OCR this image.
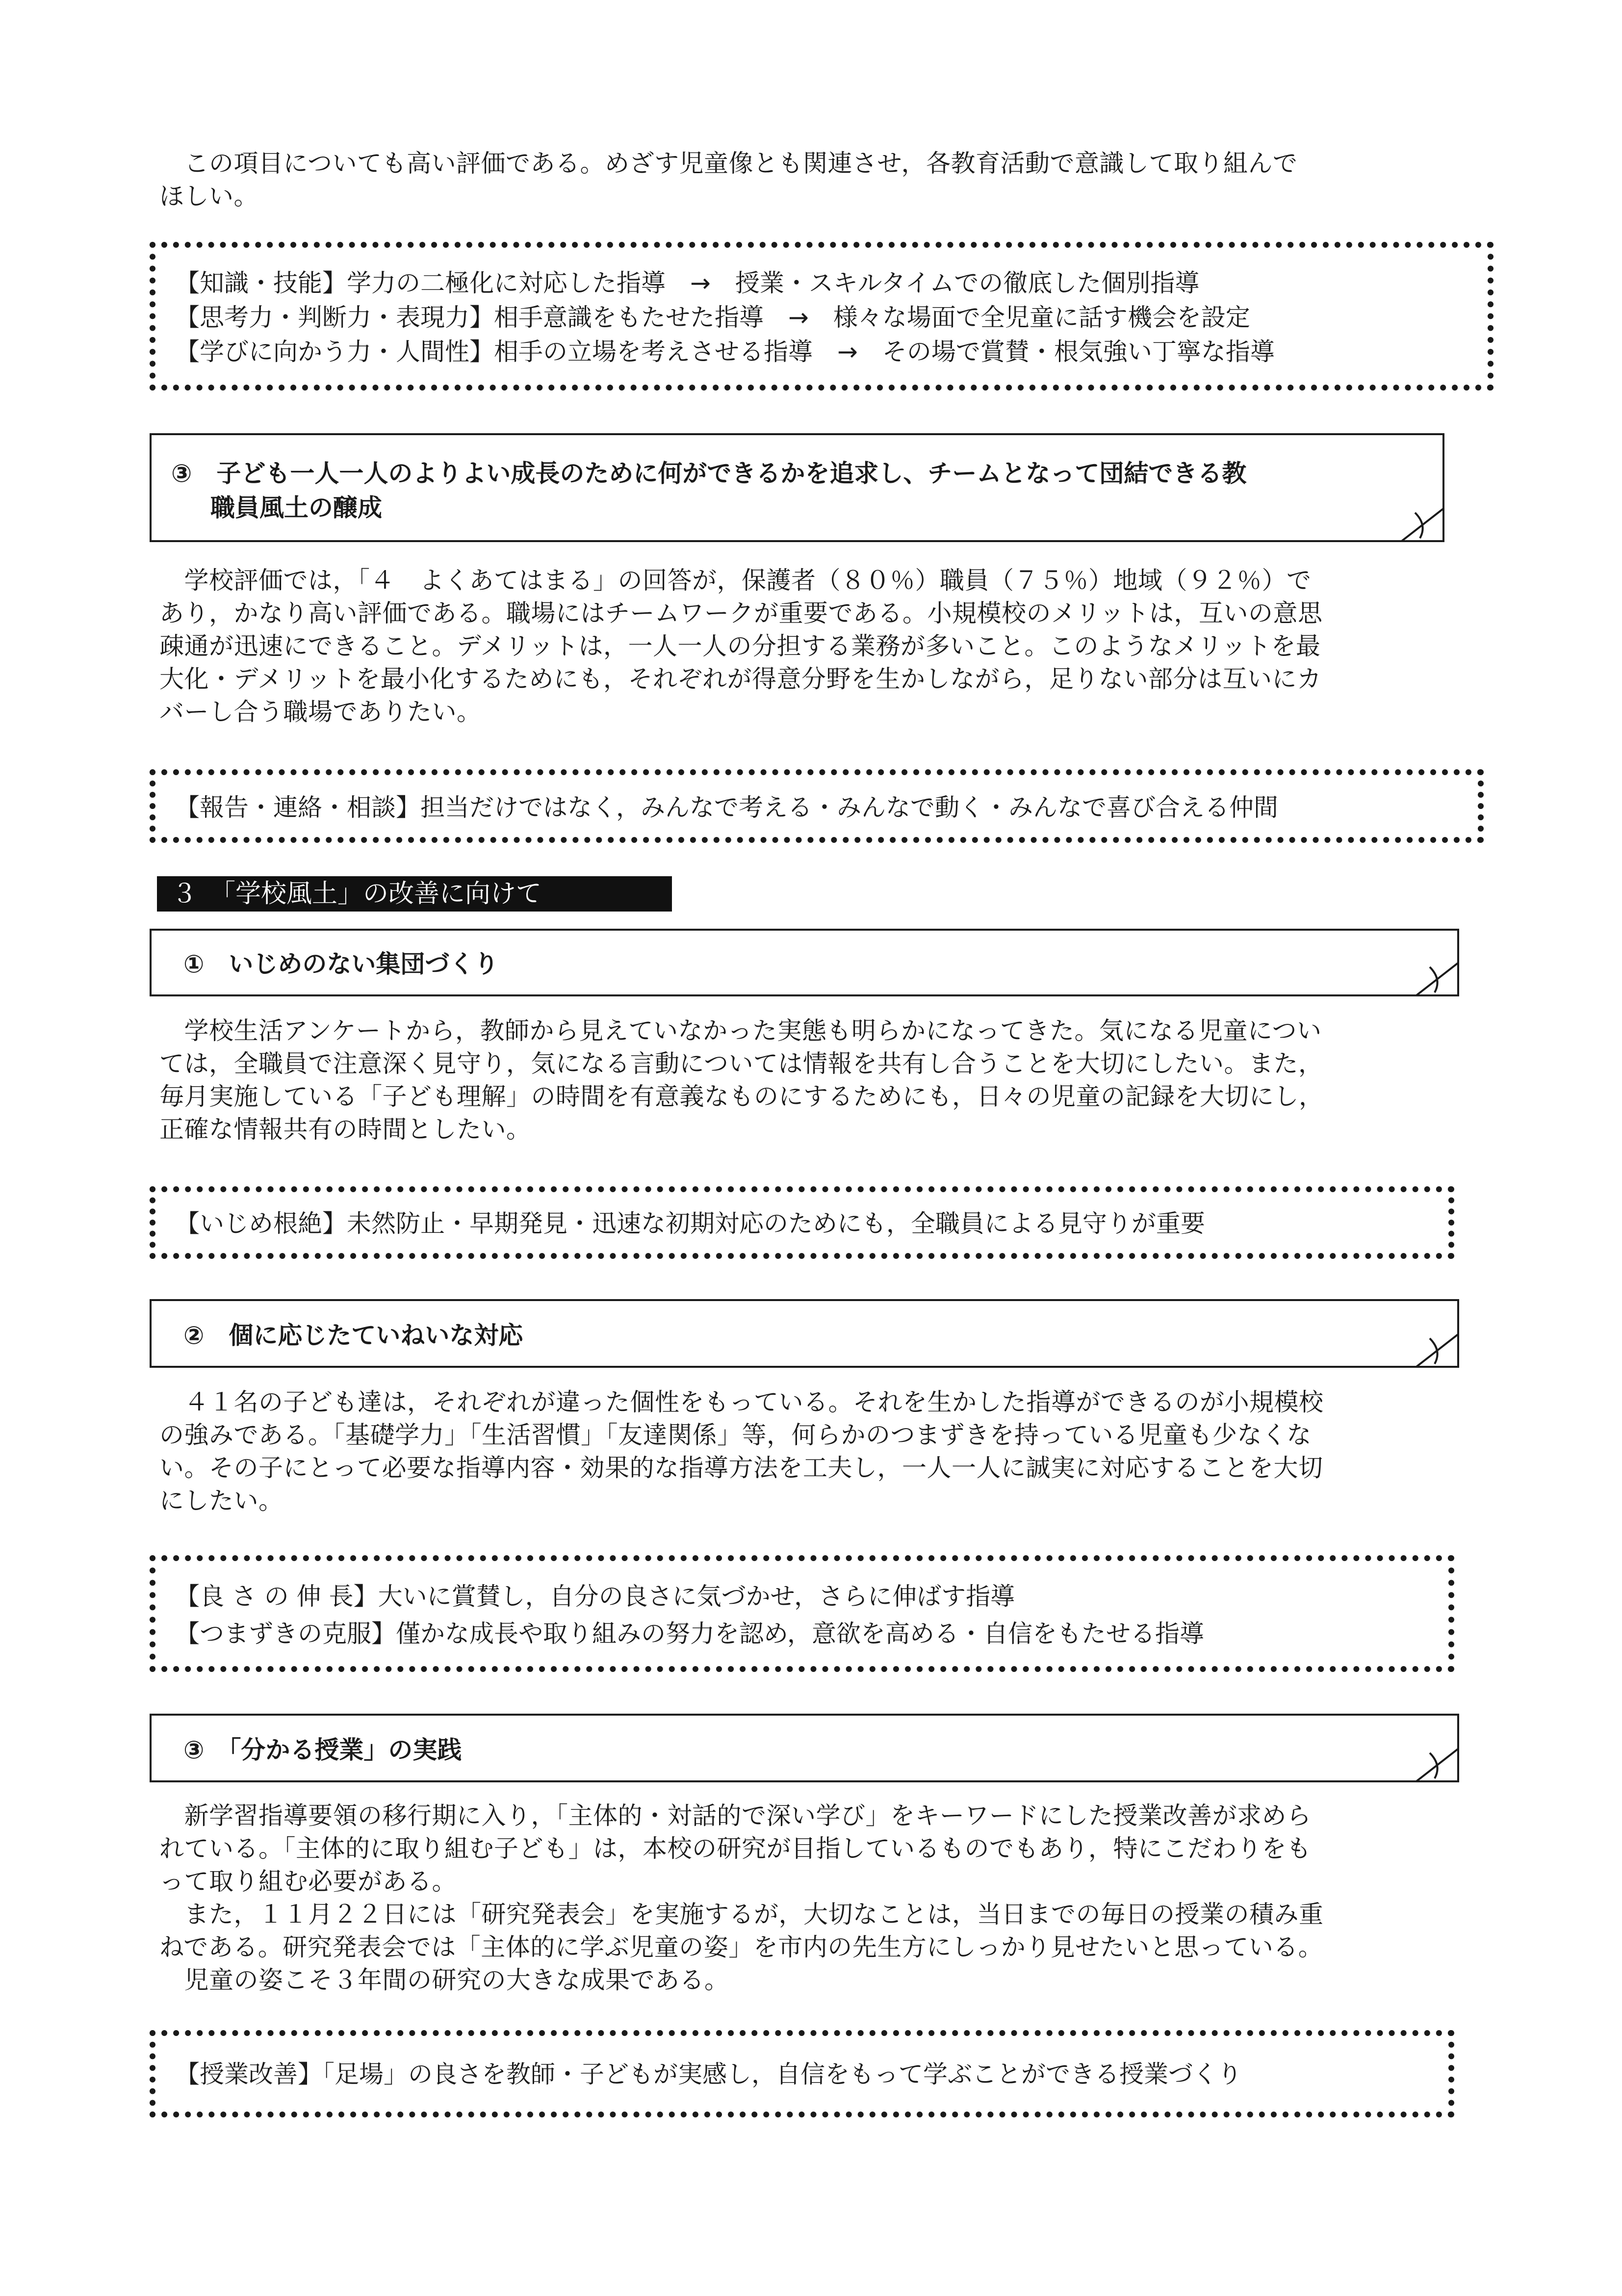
　この項目についても高い評価である。めざす児童像とも関連させ，各教育活動で意識して取り組んで
ほしい。
【知識・技能】学力の二極化に対応した指導　→　授業・スキルタイムでの徹底した個別指導
【思考力・判断力・表現力】相手意識をもたせた指導　→　様々な場面で全児童に話す機会を設定
【学びに向かう力・人間性】相手の立場を考えさせる指導　→　その場で賞賛・根気強い丁寧な指導
③　子ども一人一人のよりよい成長のために何ができるかを追求し、チームとなって団結できる教
職員風土の醸成
　学校評価では，「４　よくあてはまる」の回答が，保護者（８０％）職員（７５％）地域（９２％）で
あり，かなり高い評価である。職場にはチームワークが重要である。小規模校のメリットは，互いの意思
疎通が迅速にできること。デメリットは，一人一人の分担する業務が多いこと。このようなメリットを最
大化・デメリットを最小化するためにも，それぞれが得意分野を生かしながら，足りない部分は互いにカ
バーし合う職場でありたい。
【報告・連絡・相談】担当だけではなく，みんなで考える・みんなで動く・みんなで喜び合える仲間
３　「学校風土」の改善に向けて
①　いじめのない集団づくり
　学校生活アンケートから，教師から見えていなかった実態も明らかになってきた。気になる児童につい
ては，全職員で注意深く見守り，気になる言動については情報を共有し合うことを大切にしたい。また，
毎月実施している「子ども理解」の時間を有意義なものにするためにも，日々の児童の記録を大切にし，
正確な情報共有の時間としたい。
【いじめ根絶】未然防止・早期発見・迅速な初期対応のためにも，全職員による見守りが重要
②　個に応じたていねいな対応
　４１名の子ども達は，それぞれが違った個性をもっている。それを生かした指導ができるのが小規模校
の強みである。「基礎学力」「生活習慣」「友達関係」等，何らかのつまずきを持っている児童も少なくな
い。その子にとって必要な指導内容・効果的な指導方法を工夫し，一人一人に誠実に対応することを大切
にしたい。
【良 さ の 伸 長】大いに賞賛し，自分の良さに気づかせ，さらに伸ばす指導
【つまずきの克服】僅かな成長や取り組みの努力を認め，意欲を高める・自信をもたせる指導
③　「分かる授業」の実践
　新学習指導要領の移行期に入り，「主体的・対話的で深い学び」をキーワードにした授業改善が求めら
れている。「主体的に取り組む子ども」は，本校の研究が目指しているものでもあり，特にこだわりをも
って取り組む必要がある。
　また，１１月２２日には「研究発表会」を実施するが，大切なことは，当日までの毎日の授業の積み重
ねである。研究発表会では「主体的に学ぶ児童の姿」を市内の先生方にしっかり見せたいと思っている。
　児童の姿こそ３年間の研究の大きな成果である。
【授業改善】「足場」の良さを教師・子どもが実感し，自信をもって学ぶことができる授業づくり
